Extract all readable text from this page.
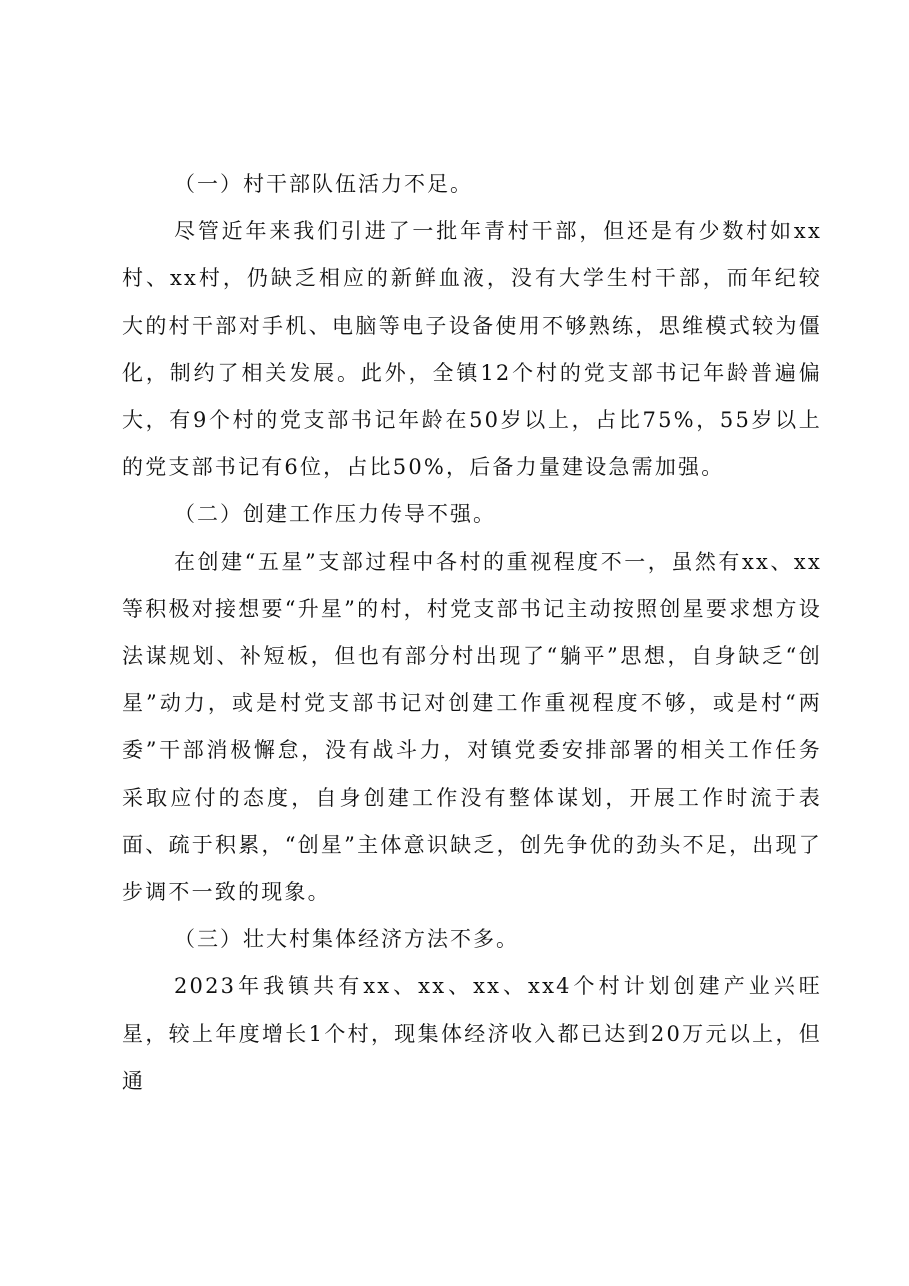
（一）村干部队伍活力不足。

尽管近年来我们引进了一批年青村干部，但还是有少数村如xx村、xx村，仍缺乏相应的新鲜血液，没有大学生村干部，而年纪较大的村干部对手机、电脑等电子设备使用不够熟练，思维模式较为僵化，制约了相关发展。此外，全镇12个村的党支部书记年龄普遍偏大，有9个村的党支部书记年龄在50岁以上，占比75%，55岁以上的党支部书记有6位，占比50%，后备力量建设急需加强。

（二）创建工作压力传导不强。

在创建“五星”支部过程中各村的重视程度不一，虽然有xx、xx等积极对接想要“升星”的村，村党支部书记主动按照创星要求想方设法谋规划、补短板，但也有部分村出现了“躺平”思想，自身缺乏“创星”动力，或是村党支部书记对创建工作重视程度不够，或是村“两委”干部消极懈怠，没有战斗力，对镇党委安排部署的相关工作任务采取应付的态度，自身创建工作没有整体谋划，开展工作时流于表面、疏于积累，“创星”主体意识缺乏，创先争优的劲头不足，出现了步调不一致的现象。

（三）壮大村集体经济方法不多。

2023年我镇共有xx、xx、xx、xx4个村计划创建产业兴旺星，较上年度增长1个村，现集体经济收入都已达到20万元以上，但通
